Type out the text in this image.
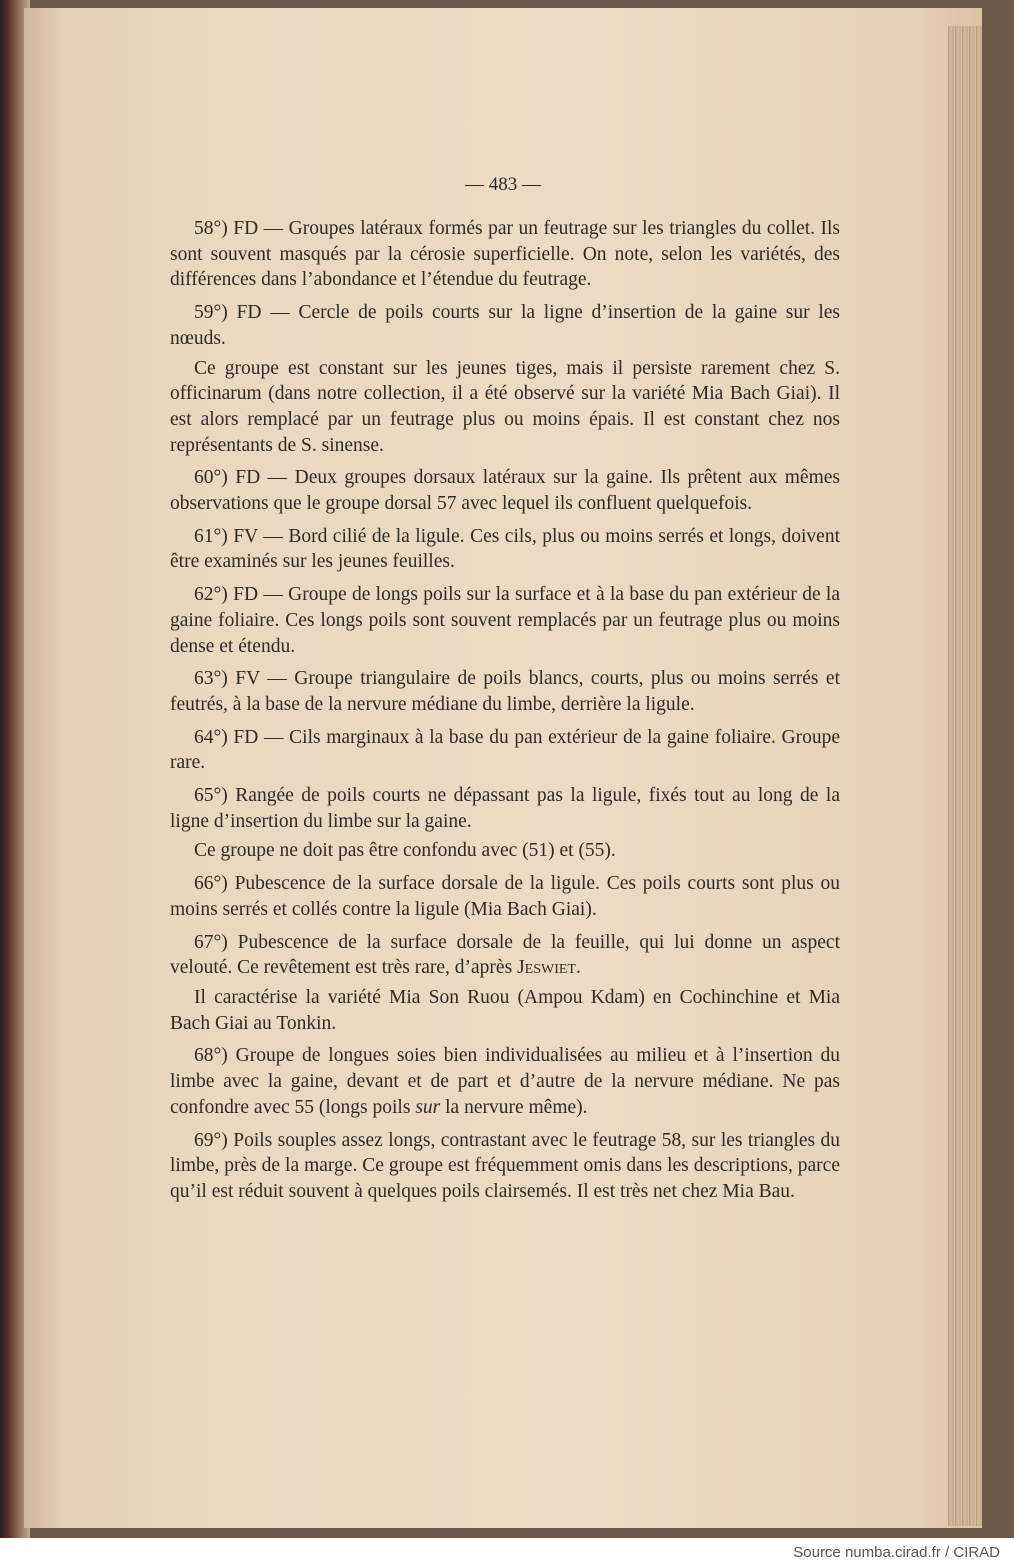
— 483 —

58°) FD — Groupes latéraux formés par un feutrage sur les triangles du collet. Ils sont souvent masqués par la cérosie superficielle. On note, selon les variétés, des différences dans l’abondance et l’étendue du feutrage.

59°) FD — Cercle de poils courts sur la ligne d’insertion de la gaine sur les nœuds.

Ce groupe est constant sur les jeunes tiges, mais il persiste rarement chez S. officinarum (dans notre collection, il a été observé sur la variété Mia Bach Giai). Il est alors remplacé par un feutrage plus ou moins épais. Il est constant chez nos représentants de S. sinense.

60°) FD — Deux groupes dorsaux latéraux sur la gaine. Ils prêtent aux mêmes observations que le groupe dorsal 57 avec lequel ils confluent quelquefois.

61°) FV — Bord cilié de la ligule. Ces cils, plus ou moins serrés et longs, doivent être examinés sur les jeunes feuilles.

62°) FD — Groupe de longs poils sur la surface et à la base du pan extérieur de la gaine foliaire. Ces longs poils sont souvent remplacés par un feutrage plus ou moins dense et étendu.

63°) FV — Groupe triangulaire de poils blancs, courts, plus ou moins serrés et feutrés, à la base de la nervure médiane du limbe, derrière la ligule.

64°) FD — Cils marginaux à la base du pan extérieur de la gaine foliaire. Groupe rare.

65°) Rangée de poils courts ne dépassant pas la ligule, fixés tout au long de la ligne d’insertion du limbe sur la gaine.

Ce groupe ne doit pas être confondu avec (51) et (55).

66°) Pubescence de la surface dorsale de la ligule. Ces poils courts sont plus ou moins serrés et collés contre la ligule (Mia Bach Giai).

67°) Pubescence de la surface dorsale de la feuille, qui lui donne un aspect velouté. Ce revêtement est très rare, d’après Jeswiet.

Il caractérise la variété Mia Son Ruou (Ampou Kdam) en Cochinchine et Mia Bach Giai au Tonkin.

68°) Groupe de longues soies bien individualisées au milieu et à l’insertion du limbe avec la gaine, devant et de part et d’autre de la nervure médiane. Ne pas confondre avec 55 (longs poils sur la nervure même).

69°) Poils souples assez longs, contrastant avec le feutrage 58, sur les triangles du limbe, près de la marge. Ce groupe est fréquemment omis dans les descriptions, parce qu’il est réduit souvent à quelques poils clairsemés. Il est très net chez Mia Bau.

Source numba.cirad.fr / CIRAD
